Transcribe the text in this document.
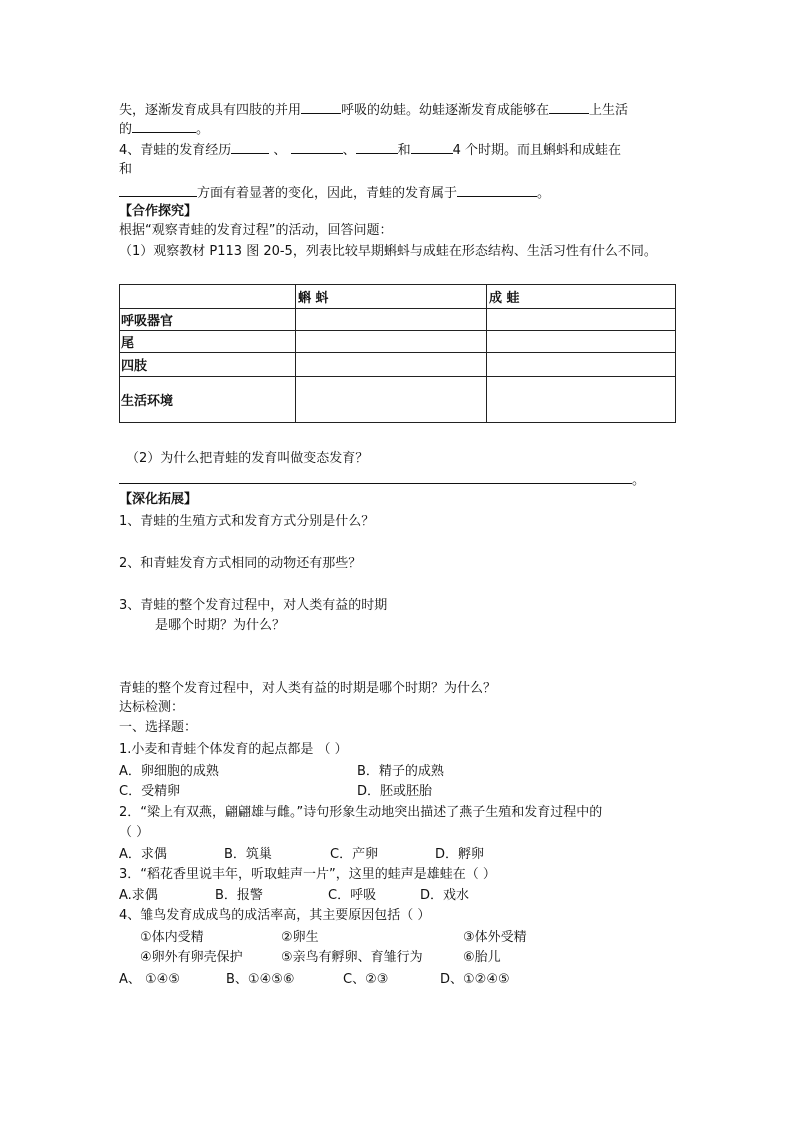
失，逐渐发育成具有四肢的并用	呼吸的幼蛙。幼蛙逐渐发育成能够在	上生活
的	。
4、青蛙的发育经历	、	、	和	4 个时期。而且蝌蚪和成蛙在
和
方面有着显著的变化，因此，青蛙的发育属于	。
【合作探究】
根据“观察青蛙的发育过程”的活动，回答问题：
（1）观察教材 P113 图 20-5，列表比较早期蝌蚪与成蛙在形态结构、生活习性有什么不同。
	蝌 蚪	成 蛙
呼吸器官		
尾		
四肢		
生活环境		
（2）为什么把青蛙的发育叫做变态发育？
。
【深化拓展】
1、青蛙的生殖方式和发育方式分别是什么？
2、和青蛙发育方式相同的动物还有那些？
3、青蛙的整个发育过程中，对人类有益的时期
是哪个时期？为什么？
青蛙的整个发育过程中，对人类有益的时期是哪个时期？为什么？
达标检测：
一、选择题：
1.小麦和青蛙个体发育的起点都是 （ ）
A．卵细胞的成熟	B．精子的成熟
C．受精卵	D．胚或胚胎
2．“梁上有双燕，翩翩雄与雌。”诗句形象生动地突出描述了燕子生殖和发育过程中的
（ ）
A．求偶	B．筑巢	C．产卵	D．孵卵
3．“稻花香里说丰年，听取蛙声一片”，这里的蛙声是雄蛙在（ ）
A.求偶	B．报警	C．呼吸	D．戏水
4、雏鸟发育成成鸟的成活率高，其主要原因包括（ ）
①体内受精	②卵生	③体外受精
④卵外有卵壳保护	⑤亲鸟有孵卵、育雏行为	⑥胎儿
A、 ①④⑤	B、①④⑤⑥	C、②③	D、①②④⑤
